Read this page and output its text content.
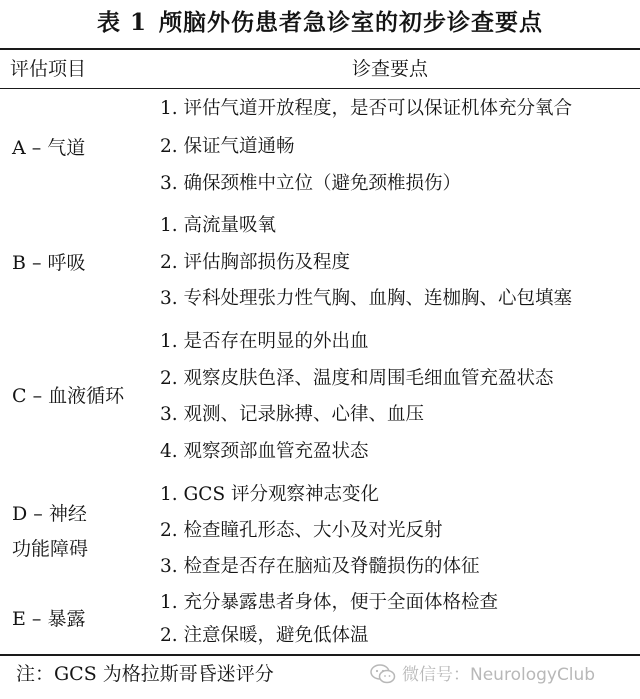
表 1 颅脑外伤患者急诊室的初步诊查要点
评估项目	诊查要点
A – 气道
1. 评估气道开放程度，是否可以保证机体充分氧合
2. 保证气道通畅
3. 确保颈椎中立位（避免颈椎损伤）
B – 呼吸
1. 高流量吸氧
2. 评估胸部损伤及程度
3. 专科处理张力性气胸、血胸、连枷胸、心包填塞
C – 血液循环
1. 是否存在明显的外出血
2. 观察皮肤色泽、温度和周围毛细血管充盈状态
3. 观测、记录脉搏、心律、血压
4. 观察颈部血管充盈状态
D – 神经
功能障碍
1. GCS 评分观察神志变化
2. 检查瞳孔形态、大小及对光反射
3. 检查是否存在脑疝及脊髓损伤的体征
E – 暴露
1. 充分暴露患者身体，便于全面体格检查
2. 注意保暖，避免低体温
注：GCS 为格拉斯哥昏迷评分	微信号：NeurologyClub
